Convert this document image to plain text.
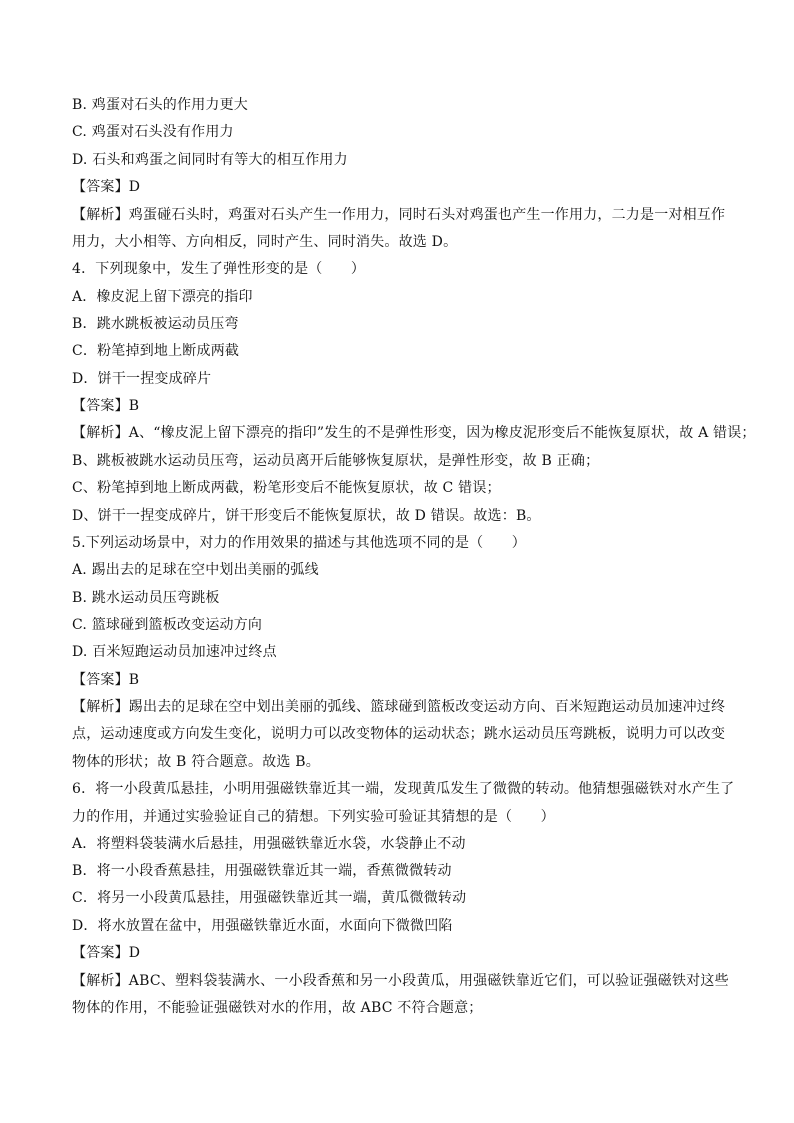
B. 鸡蛋对石头的作用力更大
C. 鸡蛋对石头没有作用力
D. 石头和鸡蛋之间同时有等大的相互作用力
【答案】D
【解析】鸡蛋碰石头时，鸡蛋对石头产生一作用力，同时石头对鸡蛋也产生一作用力，二力是一对相互作
用力，大小相等、方向相反，同时产生、同时消失。故选 D。
4．下列现象中，发生了弹性形变的是（　　）
A．橡皮泥上留下漂亮的指印
B．跳水跳板被运动员压弯
C．粉笔掉到地上断成两截
D．饼干一捏变成碎片
【答案】B
【解析】A、“橡皮泥上留下漂亮的指印”发生的不是弹性形变，因为橡皮泥形变后不能恢复原状，故 A 错误；
B、跳板被跳水运动员压弯，运动员离开后能够恢复原状，是弹性形变，故 B 正确；
C、粉笔掉到地上断成两截，粉笔形变后不能恢复原状，故 C 错误；
D、饼干一捏变成碎片，饼干形变后不能恢复原状，故 D 错误。故选：B。
5.下列运动场景中，对力的作用效果的描述与其他选项不同的是（　　）
A. 踢出去的足球在空中划出美丽的弧线
B. 跳水运动员压弯跳板
C. 篮球碰到篮板改变运动方向
D. 百米短跑运动员加速冲过终点
【答案】B
【解析】踢出去的足球在空中划出美丽的弧线、篮球碰到篮板改变运动方向、百米短跑运动员加速冲过终
点，运动速度或方向发生变化，说明力可以改变物体的运动状态；跳水运动员压弯跳板，说明力可以改变
物体的形状；故 B 符合题意。故选 B。
6．将一小段黄瓜悬挂，小明用强磁铁靠近其一端，发现黄瓜发生了微微的转动。他猜想强磁铁对水产生了
力的作用，并通过实验验证自己的猜想。下列实验可验证其猜想的是（　　）
A．将塑料袋装满水后悬挂，用强磁铁靠近水袋，水袋静止不动
B．将一小段香蕉悬挂，用强磁铁靠近其一端，香蕉微微转动
C．将另一小段黄瓜悬挂，用强磁铁靠近其一端，黄瓜微微转动
D．将水放置在盆中，用强磁铁靠近水面，水面向下微微凹陷
【答案】D
【解析】ABC、塑料袋装满水、一小段香蕉和另一小段黄瓜，用强磁铁靠近它们，可以验证强磁铁对这些
物体的作用，不能验证强磁铁对水的作用，故 ABC 不符合题意；
